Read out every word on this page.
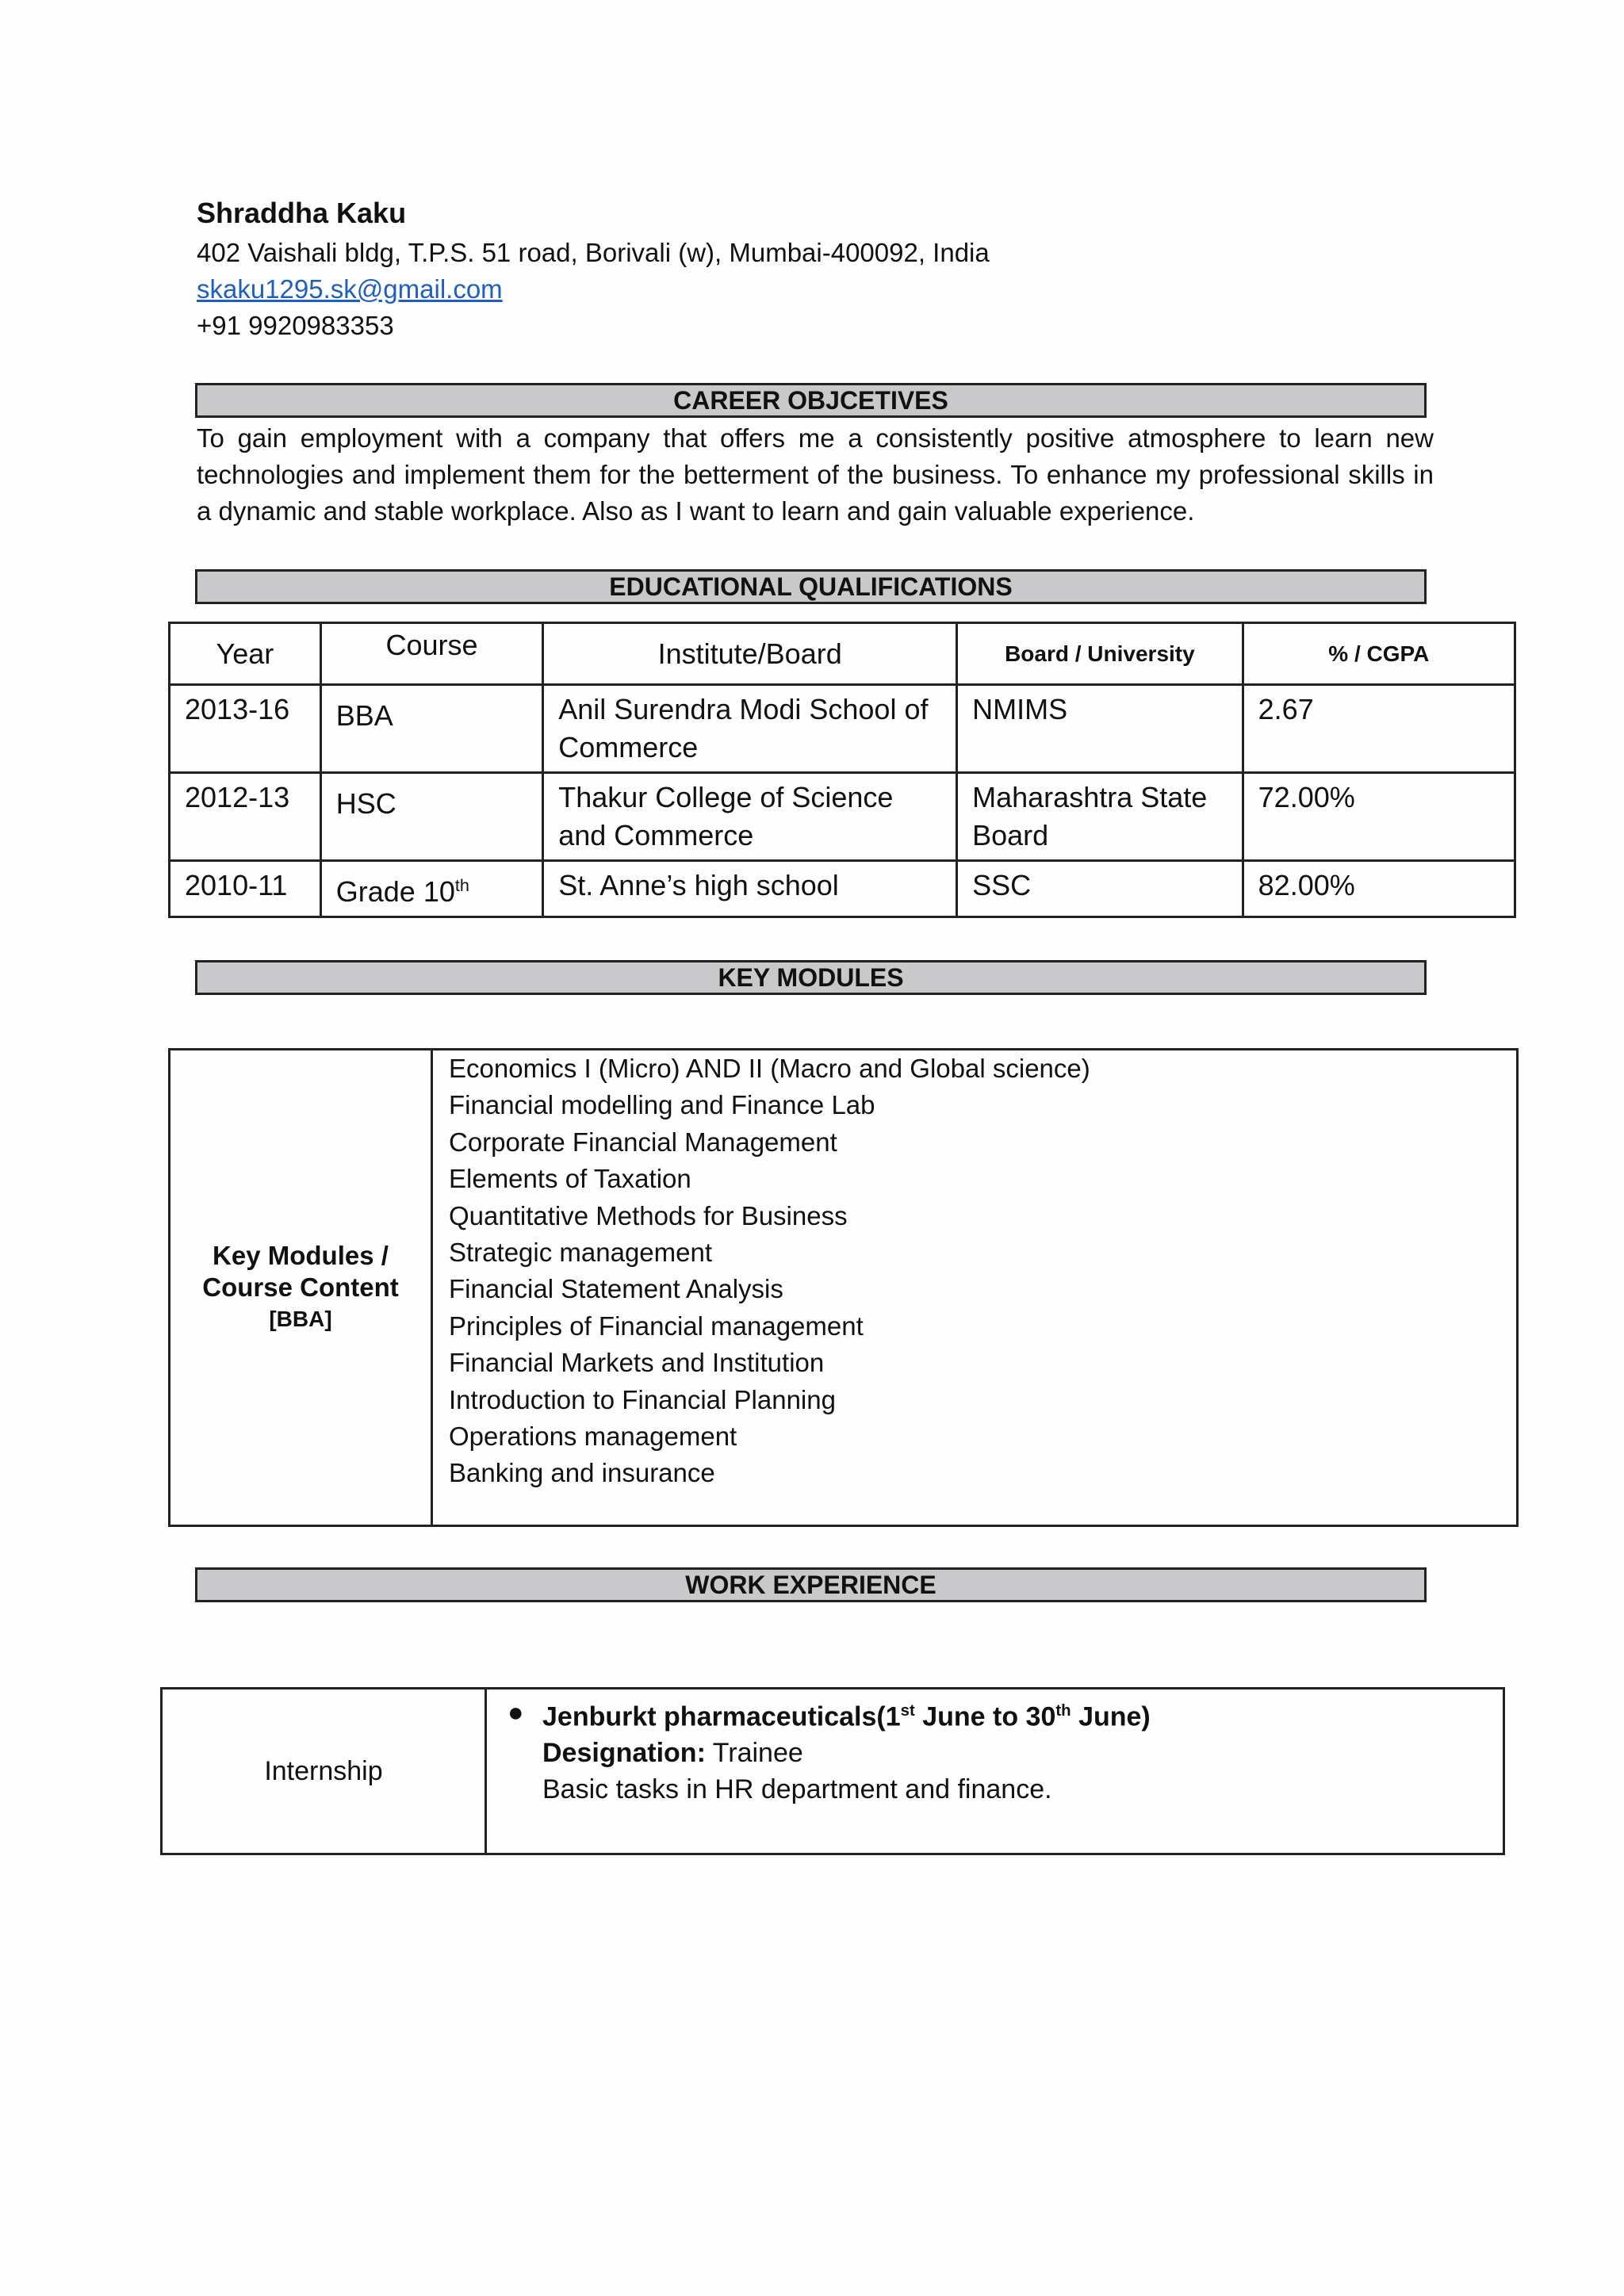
Shraddha Kaku
402 Vaishali bldg, T.P.S. 51 road, Borivali (w), Mumbai-400092, India
skaku1295.sk@gmail.com
+91 9920983353
CAREER OBJCETIVES
To gain employment with a company that offers me a consistently positive atmosphere to learn new technologies and implement them for the betterment of the business. To enhance my professional skills in a dynamic and stable workplace. Also as I want to learn and gain valuable experience.
EDUCATIONAL QUALIFICATIONS
Year	Course	Institute/Board	Board / University	% / CGPA
2013-16	BBA	Anil Surendra Modi School of Commerce	NMIMS	2.67
2012-13	HSC	Thakur College of Science and Commerce	Maharashtra State Board	72.00%
2010-11	Grade 10th	St. Anne’s high school	SSC	82.00%
KEY MODULES
Key Modules /
Course Content
[BBA]

Economics I (Micro) AND II (Macro and Global science)
Financial modelling and Finance Lab
Corporate Financial Management
Elements of Taxation
Quantitative Methods for Business
Strategic management
Financial Statement Analysis
Principles of Financial management
Financial Markets and Institution
Introduction to Financial Planning
Operations management
Banking and insurance
WORK EXPERIENCE
Internship	
● Jenburkt pharmaceuticals(1st June to 30th June)
Designation: Trainee
Basic tasks in HR department and finance.
